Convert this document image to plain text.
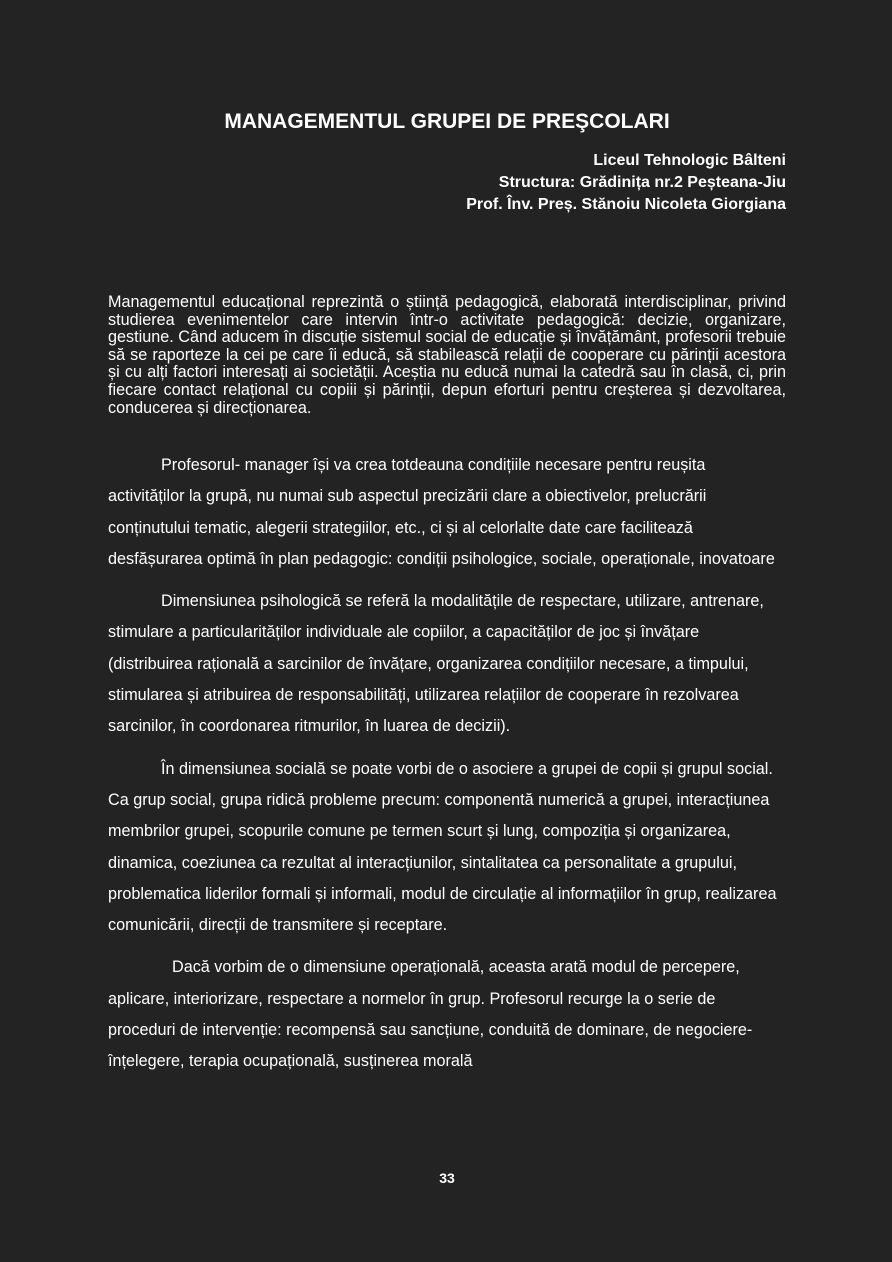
MANAGEMENTUL GRUPEI DE PREŞCOLARI
Liceul Tehnologic Bâlteni
Structura: Grădinița nr.2 Peșteana-Jiu
Prof. Înv. Preș. Stănoiu Nicoleta Giorgiana

Managementul educațional reprezintă o știință pedagogică, elaborată interdisciplinar, privind studierea evenimentelor care intervin într-o activitate pedagogică: decizie, organizare, gestiune. Când aducem în discuție sistemul social de educație și învățământ, profesorii trebuie să se raporteze la cei pe care îi educă, să stabilească relații de cooperare cu părinții acestora și cu alți factori interesați ai societății. Aceștia nu educă numai la catedră sau în clasă, ci, prin fiecare contact relațional cu copiii și părinții, depun eforturi pentru creșterea și dezvoltarea, conducerea și direcționarea.

Profesorul- manager își va crea totdeauna condițiile necesare pentru reușita activităților la grupă, nu numai sub aspectul precizării clare a obiectivelor, prelucrării conținutului tematic, alegerii strategiilor, etc., ci și al celorlalte date care facilitează desfășurarea optimă în plan pedagogic: condiții psihologice, sociale, operaționale, inovatoare

Dimensiunea psihologică se referă la modalitățile de respectare, utilizare, antrenare, stimulare a particularităților individuale ale copiilor, a capacităților de joc și învățare (distribuirea rațională a sarcinilor de învățare, organizarea condițiilor necesare, a timpului, stimularea și atribuirea de responsabilități, utilizarea relațiilor de cooperare în rezolvarea sarcinilor, în coordonarea ritmurilor, în luarea de decizii).

În dimensiunea socială se poate vorbi de o asociere a grupei de copii și grupul social. Ca grup social, grupa ridică probleme precum: componentă numerică a grupei, interacțiunea membrilor grupei, scopurile comune pe termen scurt și lung, compoziția și organizarea, dinamica, coeziunea ca rezultat al interacțiunilor, sintalitatea ca personalitate a grupului, problematica liderilor formali și informali, modul de circulație al informațiilor în grup, realizarea comunicării, direcții de transmitere și receptare.

Dacă vorbim de o dimensiune operațională, aceasta arată modul de percepere, aplicare, interiorizare, respectare a normelor în grup. Profesorul recurge la o serie de proceduri de intervenție: recompensă sau sancțiune, conduită de dominare, de negociere-înțelegere, terapia ocupațională, susținerea morală

33
